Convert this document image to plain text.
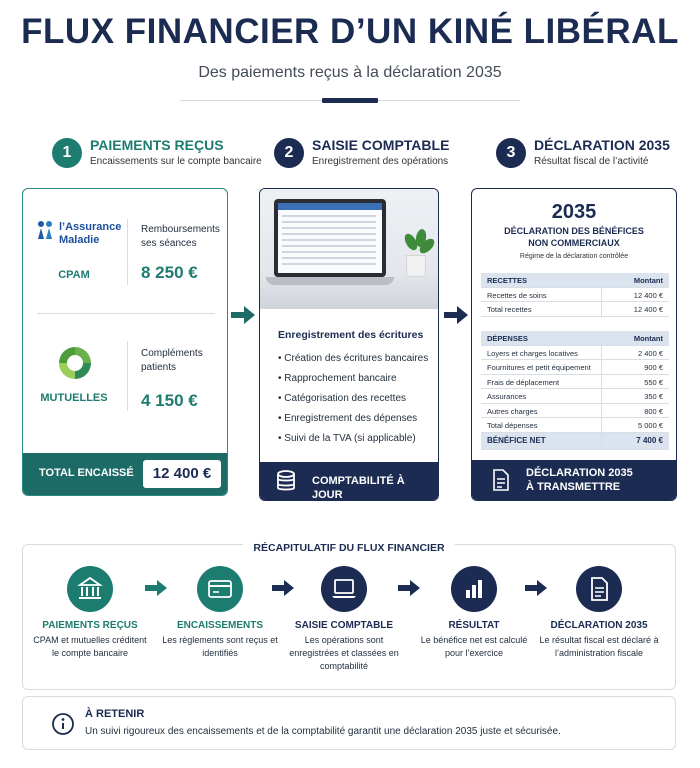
FLUX FINANCIER D’UN KINÉ LIBÉRAL
Des paiements reçus à la déclaration 2035
1	PAIEMENTS REÇUS
Encaissements sur le compte bancaire
2	SAISIE COMPTABLE
Enregistrement des opérations
3	DÉCLARATION 2035
Résultat fiscal de l’activité
l’Assurance
Maladie
CPAM
Remboursements ses séances
8 250 €
MUTUELLES
Compléments patients
4 150 €
TOTAL ENCAISSÉ	12 400 €
Enregistrement des écritures
• Création des écritures bancaires
• Rapprochement bancaire
• Catégorisation des recettes
• Enregistrement des dépenses
• Suivi de la TVA (si applicable)
COMPTABILITÉ À JOUR
2035
DÉCLARATION DES BÉNÉFICES
NON COMMERCIAUX
Régime de la déclaration contrôlée
RECETTES	Montant
Recettes de soins	12 400 €
Total recettes	12 400 €
DÉPENSES	Montant
Loyers et charges locatives	2 400 €
Fournitures et petit équipement	900 €
Frais de déplacement	550 €
Assurances	350 €
Autres charges	800 €
Total dépenses	5 000 €
BÉNÉFICE NET	7 400 €
DÉCLARATION 2035
À TRANSMETTRE
RÉCAPITULATIF DU FLUX FINANCIER
PAIEMENTS REÇUS
CPAM et mutuelles créditent le compte bancaire
ENCAISSEMENTS
Les règlements sont reçus et identifiés
SAISIE COMPTABLE
Les opérations sont enregistrées et classées en comptabilité
RÉSULTAT
Le bénéfice net est calculé pour l’exercice
DÉCLARATION 2035
Le résultat fiscal est déclaré à l’administration fiscale
À RETENIR
Un suivi rigoureux des encaissements et de la comptabilité garantit une déclaration 2035 juste et sécurisée.
